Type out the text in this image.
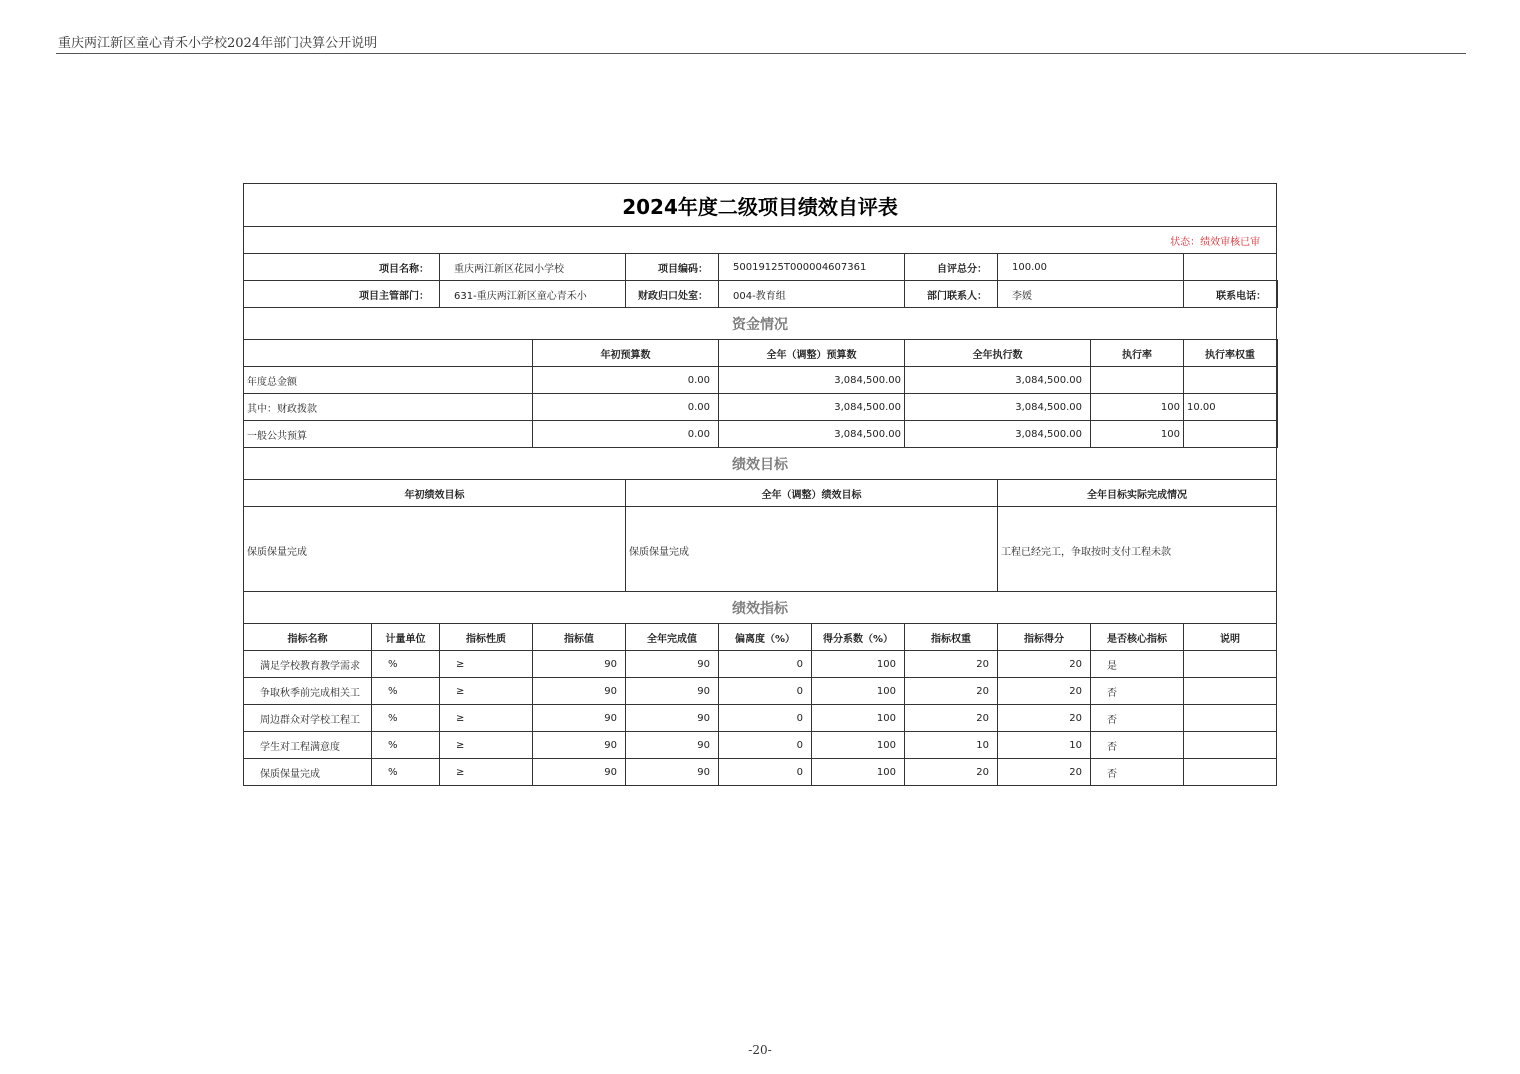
重庆两江新区童心青禾小学校2024年部门决算公开说明
2024年度二级项目绩效自评表											
状态：绩效审核已审											
项目名称：		重庆两江新区花园小学校		项目编码：	50019125T000004607361		自评总分：	100.00			
项目主管部门：		631-重庆两江新区童心青禾小		财政归口处室：	004-教育组		部门联系人：	李媛		联系电话：	
资金情况											
			年初预算数		全年（调整）预算数		全年执行数		执行率	执行率权重	
年度总金额			0.00		3,084,500.00		3,084,500.00				
其中：财政拨款			0.00		3,084,500.00		3,084,500.00		100	10.00	
一般公共预算			0.00		3,084,500.00		3,084,500.00		100		
绩效目标											
年初绩效目标				全年（调整）绩效目标				全年目标实际完成情况			
保质保量完成				保质保量完成				工程已经完工，争取按时支付工程未款			
绩效指标											
指标名称	计量单位	指标性质	指标值	全年完成值	偏离度（%）	得分系数（%）	指标权重	指标得分	是否核心指标	说明	
满足学校教育教学需求	%	≥	90	90	0	100	20	20	是		
争取秋季前完成相关工	%	≥	90	90	0	100	20	20	否		
周边群众对学校工程工	%	≥	90	90	0	100	20	20	否		
学生对工程满意度	%	≥	90	90	0	100	10	10	否		
保质保量完成	%	≥	90	90	0	100	20	20	否		
-20-
